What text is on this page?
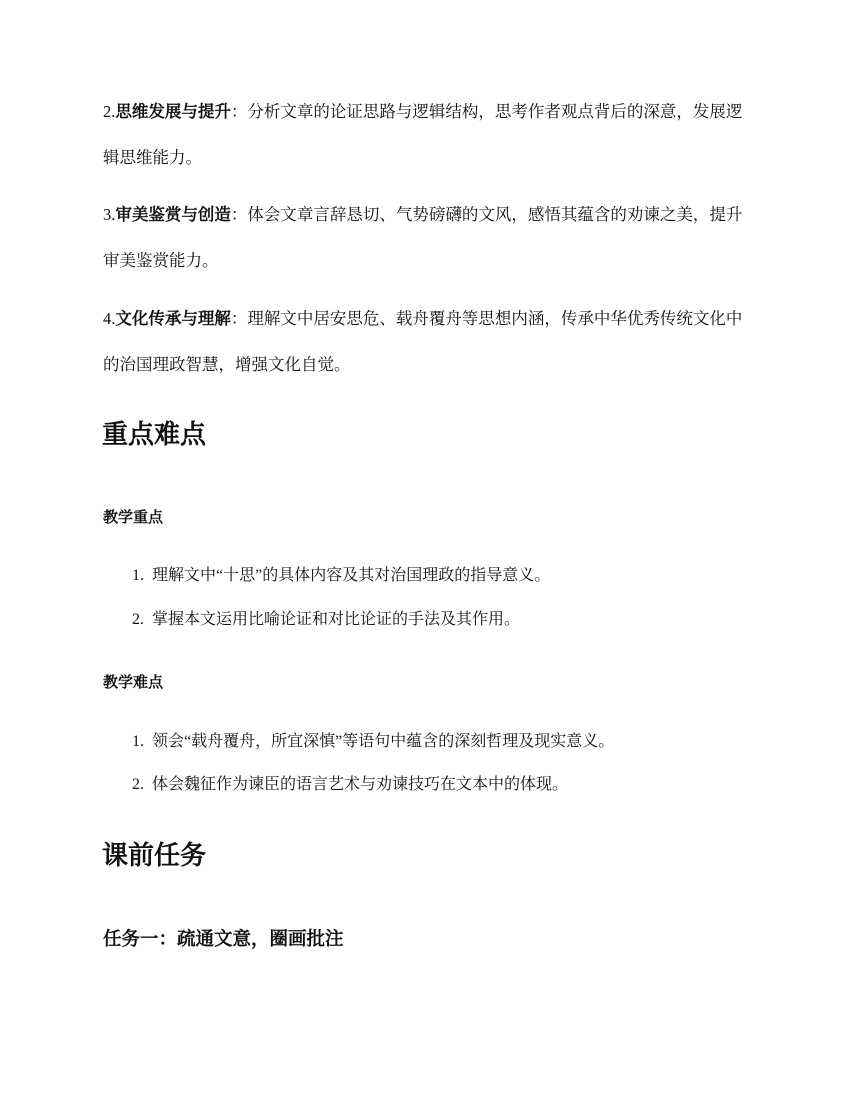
2.思维发展与提升：分析文章的论证思路与逻辑结构，思考作者观点背后的深意，发展逻辑思维能力。

3.审美鉴赏与创造：体会文章言辞恳切、气势磅礴的文风，感悟其蕴含的劝谏之美，提升审美鉴赏能力。

4.文化传承与理解：理解文中居安思危、载舟覆舟等思想内涵，传承中华优秀传统文化中的治国理政智慧，增强文化自觉。

重点难点
教学重点

1. 理解文中“十思”的具体内容及其对治国理政的指导意义。

2. 掌握本文运用比喻论证和对比论证的手法及其作用。

教学难点

1. 领会“载舟覆舟，所宜深慎”等语句中蕴含的深刻哲理及现实意义。

2. 体会魏征作为谏臣的语言艺术与劝谏技巧在文本中的体现。

课前任务
任务一：疏通文意，圈画批注
